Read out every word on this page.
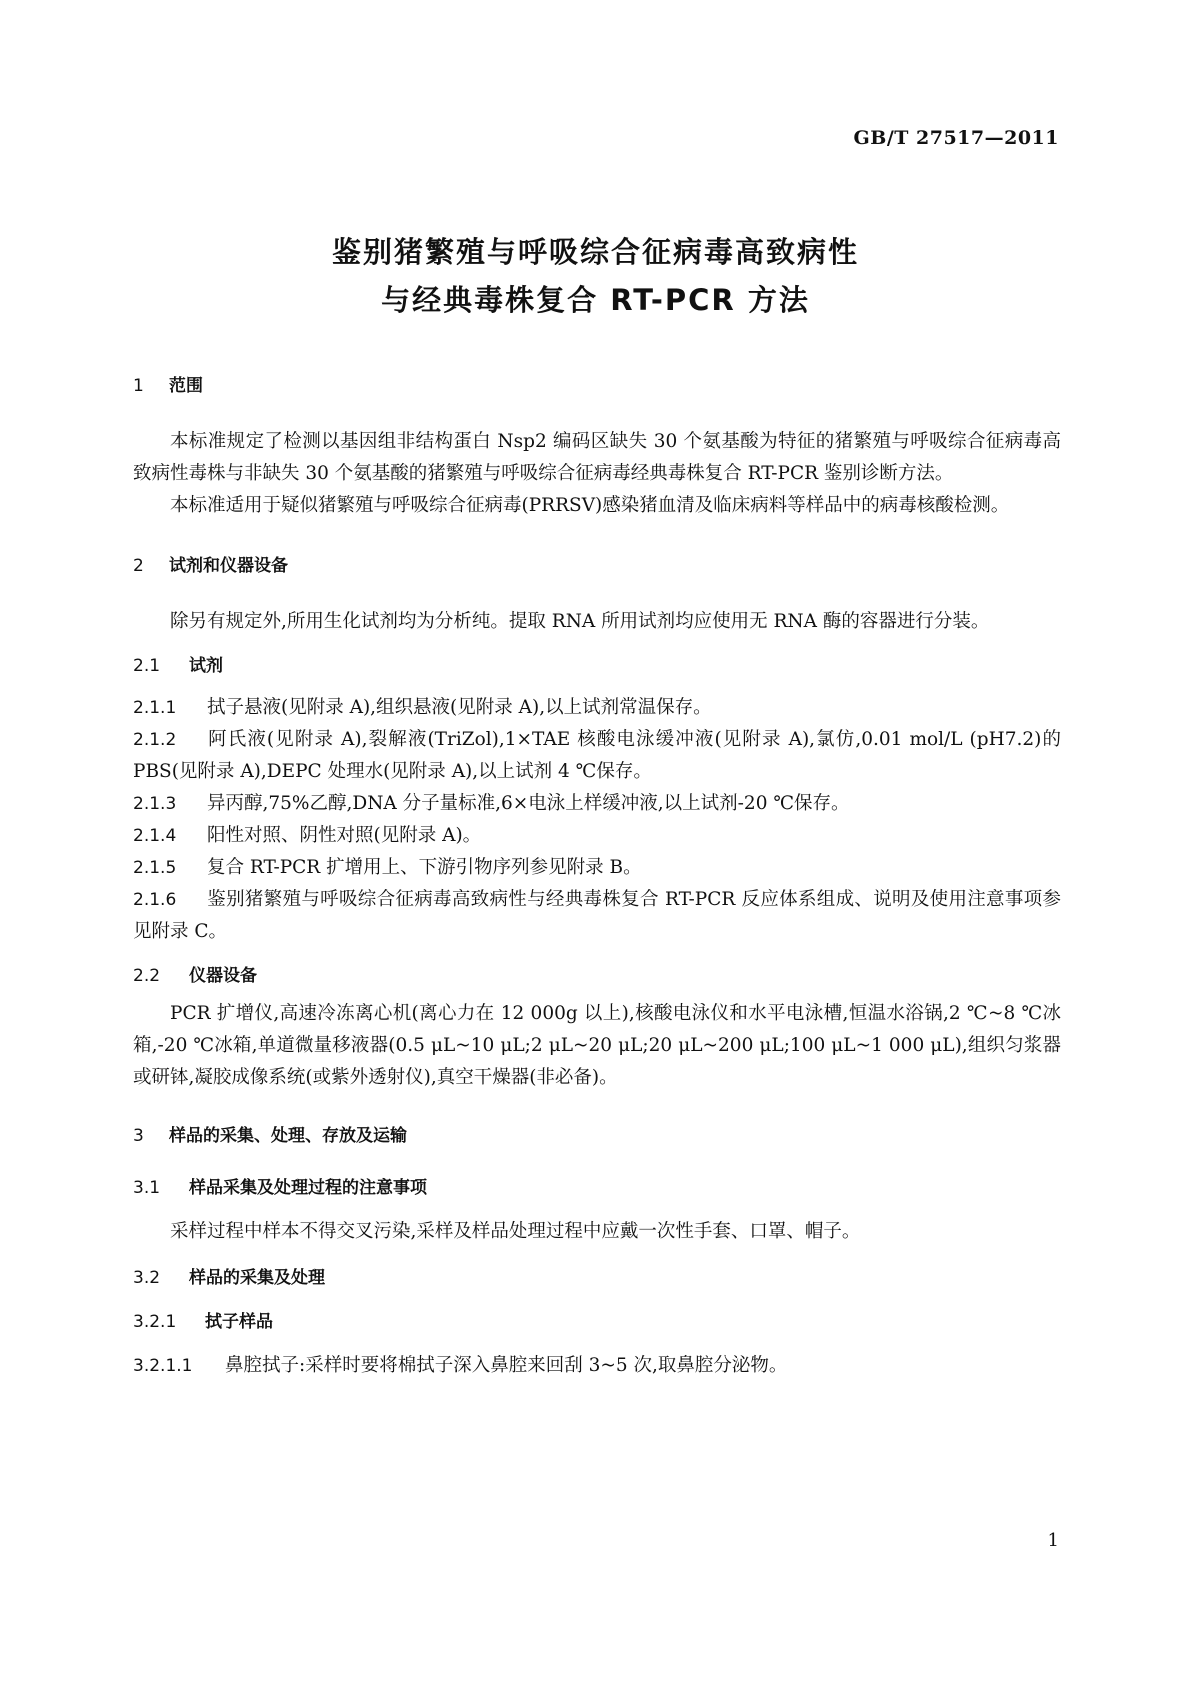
GB/T 27517—2011
鉴别猪繁殖与呼吸综合征病毒高致病性
与经典毒株复合 RT-PCR 方法
1 范围
本标准规定了检测以基因组非结构蛋白 Nsp2 编码区缺失 30 个氨基酸为特征的猪繁殖与呼吸综合征病毒高致病性毒株与非缺失 30 个氨基酸的猪繁殖与呼吸综合征病毒经典毒株复合 RT-PCR 鉴别诊断方法。
本标准适用于疑似猪繁殖与呼吸综合征病毒(PRRSV)感染猪血清及临床病料等样品中的病毒核酸检测。
2 试剂和仪器设备
除另有规定外,所用生化试剂均为分析纯。提取 RNA 所用试剂均应使用无 RNA 酶的容器进行分装。
2.1 试剂
2.1.1 拭子悬液(见附录 A),组织悬液(见附录 A),以上试剂常温保存。
2.1.2 阿氏液(见附录 A),裂解液(TriZol),1×TAE 核酸电泳缓冲液(见附录 A),氯仿,0.01 mol/L (pH7.2)的 PBS(见附录 A),DEPC 处理水(见附录 A),以上试剂 4 ℃保存。
2.1.3 异丙醇,75%乙醇,DNA 分子量标准,6×电泳上样缓冲液,以上试剂-20 ℃保存。
2.1.4 阳性对照、阴性对照(见附录 A)。
2.1.5 复合 RT-PCR 扩增用上、下游引物序列参见附录 B。
2.1.6 鉴别猪繁殖与呼吸综合征病毒高致病性与经典毒株复合 RT-PCR 反应体系组成、说明及使用注意事项参见附录 C。
2.2 仪器设备
PCR 扩增仪,高速冷冻离心机(离心力在 12 000g 以上),核酸电泳仪和水平电泳槽,恒温水浴锅,2 ℃~8 ℃冰箱,-20 ℃冰箱,单道微量移液器(0.5 μL~10 μL;2 μL~20 μL;20 μL~200 μL;100 μL~1 000 μL),组织匀浆器或研钵,凝胶成像系统(或紫外透射仪),真空干燥器(非必备)。
3 样品的采集、处理、存放及运输
3.1 样品采集及处理过程的注意事项
采样过程中样本不得交叉污染,采样及样品处理过程中应戴一次性手套、口罩、帽子。
3.2 样品的采集及处理
3.2.1 拭子样品
3.2.1.1 鼻腔拭子:采样时要将棉拭子深入鼻腔来回刮 3~5 次,取鼻腔分泌物。
1
